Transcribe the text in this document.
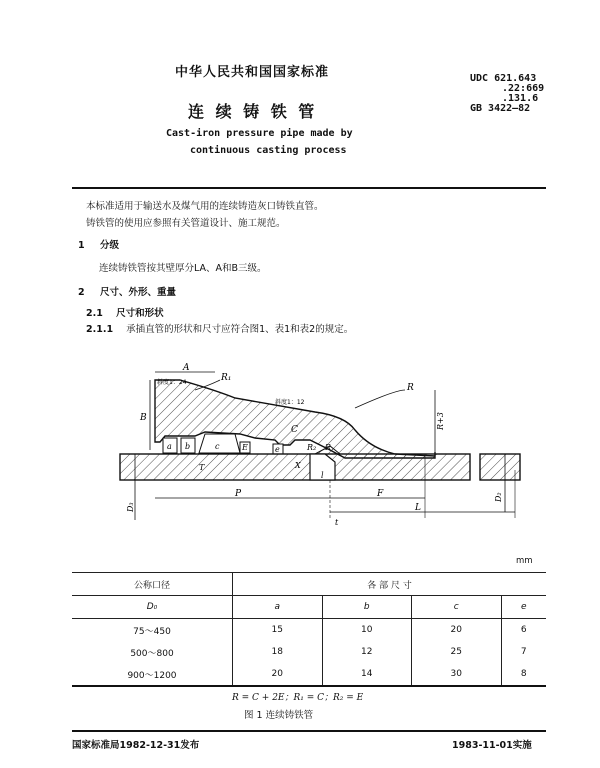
中华人民共和国国家标准	UDC 621.643
.22:669
.131.6
GB 3422—82
连 续 铸 铁 管
Cast-iron pressure pipe made by
continuous casting process
本标准适用于输送水及煤气用的连续铸造灰口铸铁直管。
铸铁管的使用应参照有关管道设计、施工规范。
1 分级
连续铸铁管按其壁厚分LA、A和B三级。
2 尺寸、外形、重量
2.1 尺寸和形状
2.1.1 承插直管的形状和尺寸应符合图1、表1和表2的规定。
A
B
C
E
a b	c	e
R
R₁
R₂ R
R+3
X
P	F
L
l
t
T
D₃
D₂
斜度1：24
斜度1：12
mm
公称口径	各 部 尺 寸			
D₀	a	b	c	e
75～450	15	10	20	6
500～800	18	12	25	7
900～1200	20	14	30	8
R = C + 2E；R₁ = C；R₂ = E
图 1 连续铸铁管
国家标准局1982-12-31发布	1983-11-01实施
